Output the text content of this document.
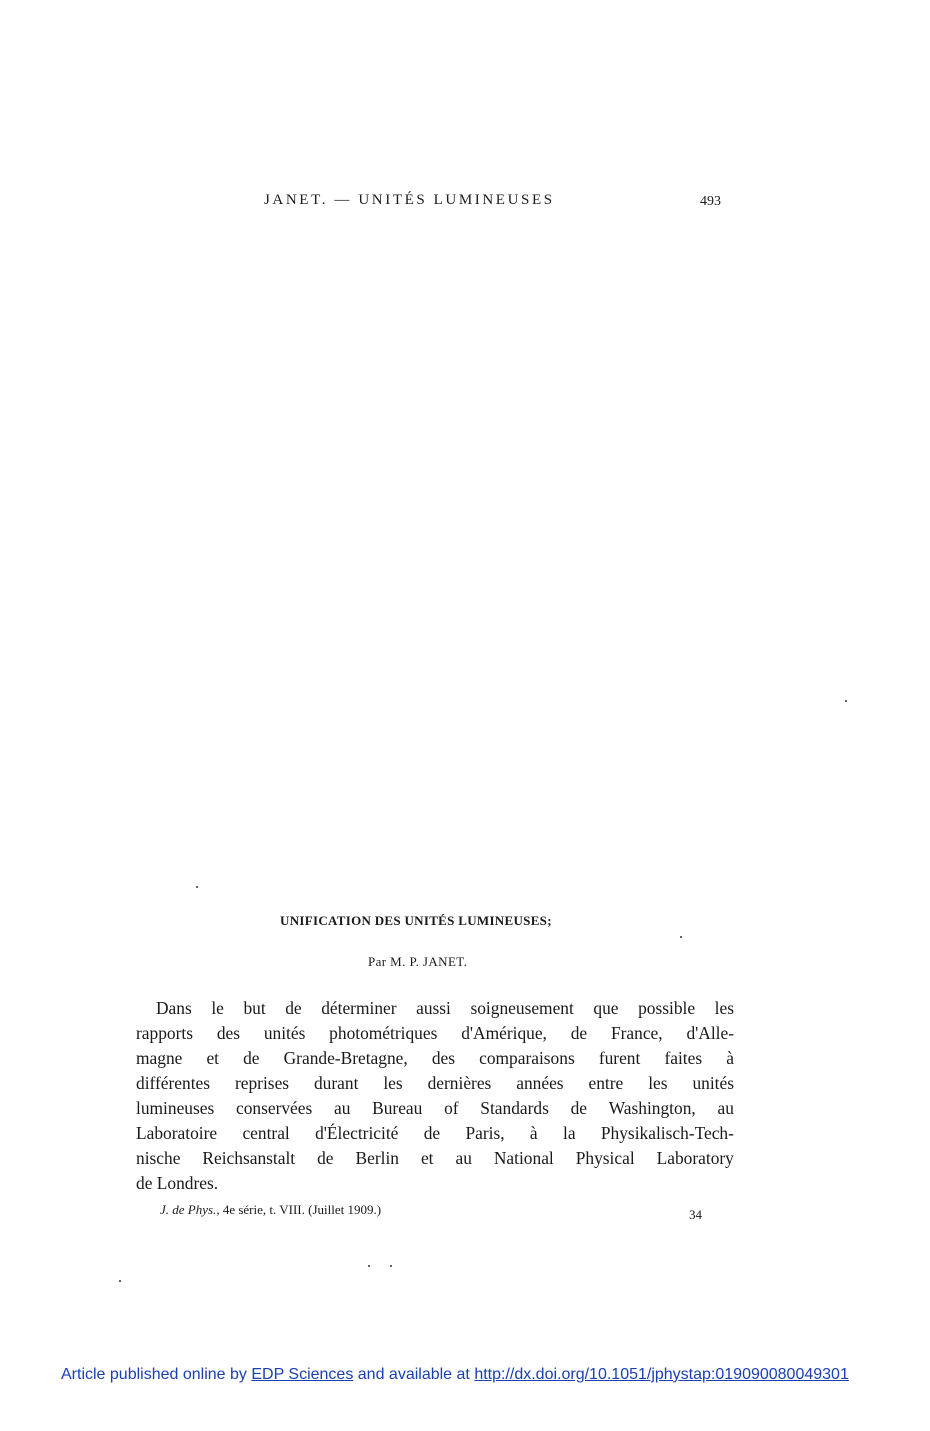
JANET. — UNITÉS LUMINEUSES	493
UNIFICATION DES UNITÉS LUMINEUSES;
Par M. P. JANET.
Dans le but de déterminer aussi soigneusement que possible les
rapports des unités photométriques d'Amérique, de France, d'Alle-
magne et de Grande-Bretagne, des comparaisons furent faites à
différentes reprises durant les dernières années entre les unités
lumineuses conservées au Bureau of Standards de Washington, au
Laboratoire central d'Électricité de Paris, à la Physikalisch-Tech-
nische Reichsanstalt de Berlin et au National Physical Laboratory
de Londres.
J. de Phys., 4e série, t. VIII. (Juillet 1909.)	34
Article published online by EDP Sciences and available at http://dx.doi.org/10.1051/jphystap:019090080049301
